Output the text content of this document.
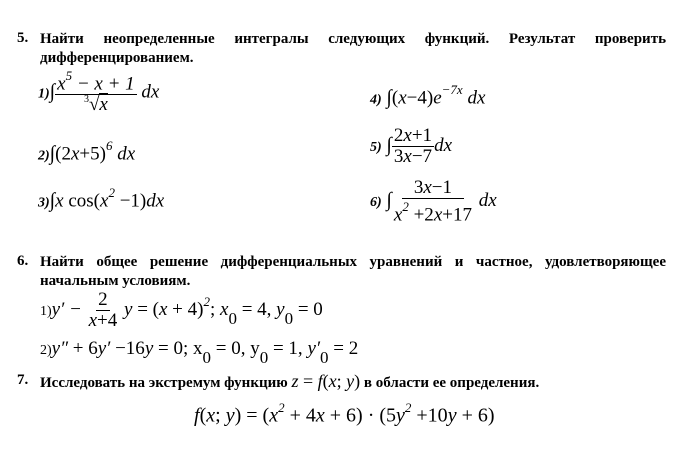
5. Найти неопределенные интегралы следующих функций. Результат проверить дифференцированием.
$1)\int \frac{x^5 - x + 1}{^3√x}$ dx
$2)\int(2x+5)^6$ dx
3)∫x $\cos(x^2 -1)dx$
4) $\int(x-4)e^{-7x}$ dx
5) ∫ $\frac{2x+1}{3x-7}$ dx
6) ∫ $\frac{3x-1}{x^2 +2x+17}$ dx
6. Найти общее решение дифференциальных уравнений и частное, удовлетворяющее начальным условиям.
$1)y' - \frac{2}{x+4}$ $y = (x + 4)^2$; $x_0 = 4$, $y_0 = 0$
2)y″ + 6y′ −16y = 0; $x_0 = 0$, $y_0 = 1$, $y'_0 = 2$
7. Исследовать на экстремум функцию z = f(x; y) в области ее определения.
f(x; $y) = (x^2 + 4x + 6) \cdot (5y^2 +10y + 6)$
